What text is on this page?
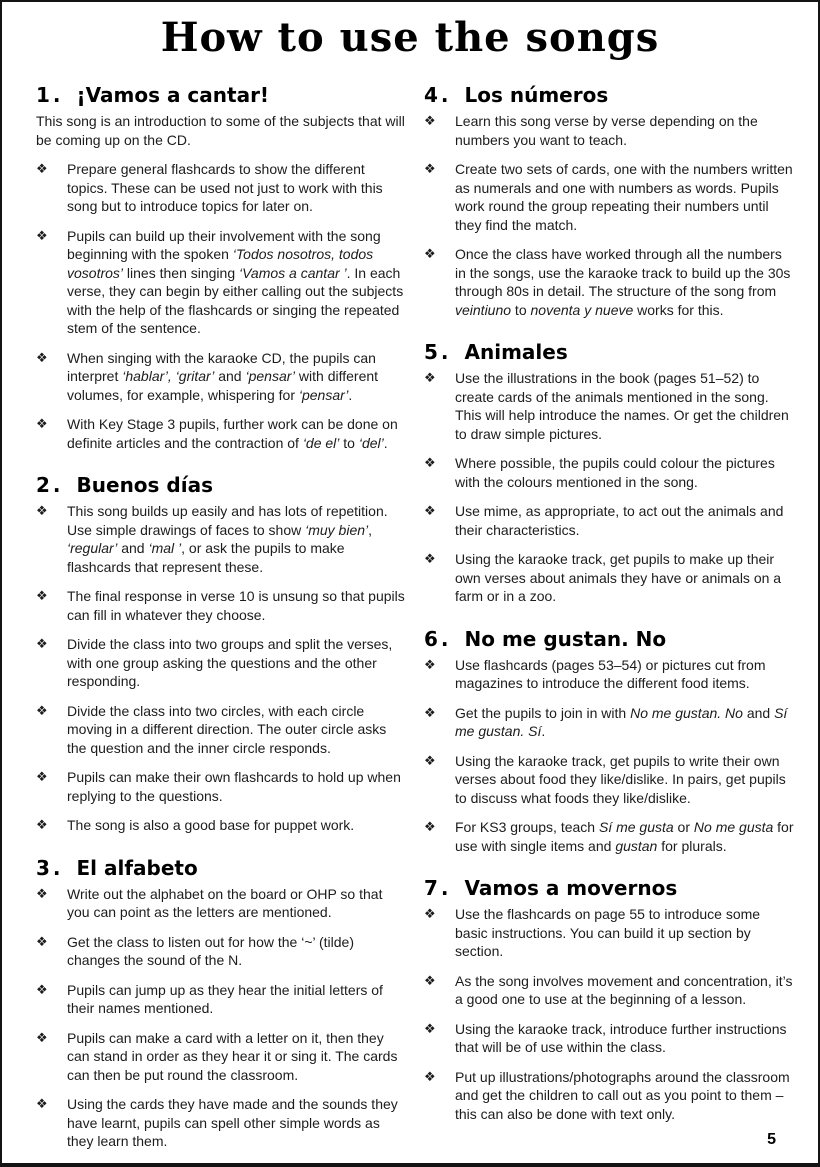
How to use the songs
1. ¡Vamos a cantar!

This song is an introduction to some of the subjects that will be coming up on the CD.

❖	Prepare general flashcards to show the different topics. These can be used not just to work with this song but to introduce topics for later on.
❖	Pupils can build up their involvement with the song beginning with the spoken ‘Todos nosotros, todos vosotros’ lines then singing ‘Vamos a cantar ’. In each verse, they can begin by either calling out the subjects with the help of the flashcards or singing the repeated stem of the sentence.
❖	When singing with the karaoke CD, the pupils can interpret ‘hablar’, ‘gritar’ and ‘pensar’ with different volumes, for example, whispering for ‘pensar’.
❖	With Key Stage 3 pupils, further work can be done on definite articles and the contraction of ‘de el’ to ‘del’.
2. Buenos días
❖	This song builds up easily and has lots of repetition. Use simple drawings of faces to show ‘muy bien’, ‘regular’ and ‘mal ’, or ask the pupils to make flashcards that represent these.
❖	The final response in verse 10 is unsung so that pupils can fill in whatever they choose.
❖	Divide the class into two groups and split the verses, with one group asking the questions and the other responding.
❖	Divide the class into two circles, with each circle moving in a different direction. The outer circle asks the question and the inner circle responds.
❖	Pupils can make their own flashcards to hold up when replying to the questions.
❖	The song is also a good base for puppet work.
3. El alfabeto
❖	Write out the alphabet on the board or OHP so that you can point as the letters are mentioned.
❖	Get the class to listen out for how the ‘~’ (tilde) changes the sound of the N.
❖	Pupils can jump up as they hear the initial letters of their names mentioned.
❖	Pupils can make a card with a letter on it, then they can stand in order as they hear it or sing it. The cards can then be put round the classroom.
❖	Using the cards they have made and the sounds they have learnt, pupils can spell other simple words as they learn them.
4. Los números
❖	Learn this song verse by verse depending on the numbers you want to teach.
❖	Create two sets of cards, one with the numbers written as numerals and one with numbers as words. Pupils work round the group repeating their numbers until they find the match.
❖	Once the class have worked through all the numbers in the songs, use the karaoke track to build up the 30s through 80s in detail. The structure of the song from veintiuno to noventa y nueve works for this.
5. Animales
❖	Use the illustrations in the book (pages 51–52) to create cards of the animals mentioned in the song. This will help introduce the names. Or get the children to draw simple pictures.
❖	Where possible, the pupils could colour the pictures with the colours mentioned in the song.
❖	Use mime, as appropriate, to act out the animals and their characteristics.
❖	Using the karaoke track, get pupils to make up their own verses about animals they have or animals on a farm or in a zoo.
6. No me gustan. No
❖	Use flashcards (pages 53–54) or pictures cut from magazines to introduce the different food items.
❖	Get the pupils to join in with No me gustan. No and Sí me gustan. Sí.
❖	Using the karaoke track, get pupils to write their own verses about food they like/dislike. In pairs, get pupils to discuss what foods they like/dislike.
❖	For KS3 groups, teach Sí me gusta or No me gusta for use with single items and gustan for plurals.
7. Vamos a movernos
❖	Use the flashcards on page 55 to introduce some basic instructions. You can build it up section by section.
❖	As the song involves movement and concentration, it’s a good one to use at the beginning of a lesson.
❖	Using the karaoke track, introduce further instructions that will be of use within the class.
❖	Put up illustrations/photographs around the classroom and get the children to call out as you point to them – this can also be done with text only.
5
